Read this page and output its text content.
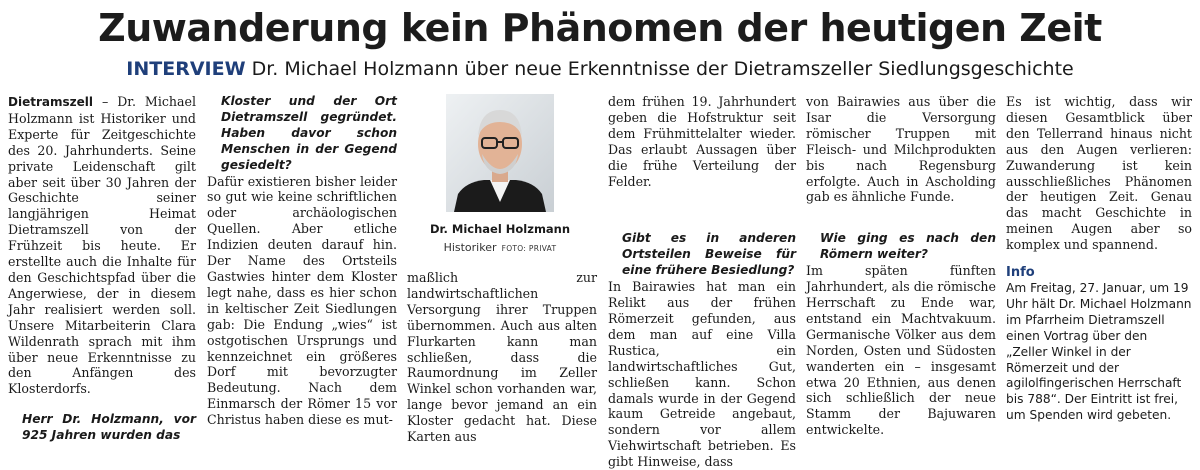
Zuwanderung kein Phänomen der heutigen Zeit
INTERVIEW Dr. Michael Holzmann über neue Erkenntnisse der Dietramszeller Siedlungsgeschichte

Dietramszell – Dr. Michael Holzmann ist Historiker und Experte für Zeitgeschichte des 20. Jahrhunderts. Seine private Leidenschaft gilt aber seit über 30 Jahren der Geschichte seiner langjährigen Heimat Dietramszell von der Frühzeit bis heute. Er erstellte auch die Inhalte für den Geschichtspfad über die Angerwiese, der in diesem Jahr realisiert werden soll. Unsere Mitarbeiterin Clara Wildenrath sprach mit ihm über neue Erkenntnisse zu den Anfängen des Klosterdorfs.

Herr Dr. Holzmann, vor 925 Jahren wurden das

Kloster und der Ort Dietramszell gegründet. Haben davor schon Menschen in der Gegend gesiedelt?

Dafür existieren bisher leider so gut wie keine schriftlichen oder archäologischen Quellen. Aber etliche Indizien deuten darauf hin. Der Name des Ortsteils Gastwies hinter dem Kloster legt nahe, dass es hier schon in keltischer Zeit Siedlungen gab: Die Endung „wies“ ist ostgotischen Ursprungs und kennzeichnet ein größeres Dorf mit bevorzugter Bedeutung. Nach dem Einmarsch der Römer 15 vor Christus haben diese es mut-

Dr. Michael Holzmann
Historiker FOTO: PRIVAT

maßlich zur landwirtschaftlichen Versorgung ihrer Truppen übernommen. Auch aus alten Flurkarten kann man schließen, dass die Raumordnung im Zeller Winkel schon vorhanden war, lange bevor jemand an ein Kloster gedacht hat. Diese Karten aus

dem frühen 19. Jahrhundert geben die Hofstruktur seit dem Frühmittelalter wieder. Das erlaubt Aussagen über die frühe Verteilung der Felder.

Gibt es in anderen Ortsteilen Beweise für eine frühere Besiedlung?

In Bairawies hat man ein Relikt aus der frühen Römerzeit gefunden, aus dem man auf eine Villa Rustica, ein landwirtschaftliches Gut, schließen kann. Schon damals wurde in der Gegend kaum Getreide angebaut, sondern vor allem Viehwirtschaft betrieben. Es gibt Hinweise, dass

von Bairawies aus über die Isar die Versorgung römischer Truppen mit Fleisch- und Milchprodukten bis nach Regensburg erfolgte. Auch in Ascholding gab es ähnliche Funde.

Wie ging es nach den Römern weiter?

Im späten fünften Jahrhundert, als die römische Herrschaft zu Ende war, entstand ein Machtvakuum. Germanische Völker aus dem Norden, Osten und Südosten wanderten ein – insgesamt etwa 20 Ethnien, aus denen sich schließlich der neue Stamm der Bajuwaren entwickelte.

Es ist wichtig, dass wir diesen Gesamtblick über den Tellerrand hinaus nicht aus den Augen verlieren: Zuwanderung ist kein ausschließliches Phänomen der heutigen Zeit. Genau das macht Geschichte in meinen Augen aber so komplex und spannend.

Info

Am Freitag, 27. Januar, um 19 Uhr hält Dr. Michael Holzmann im Pfarrheim Dietramszell einen Vortrag über den „Zeller Winkel in der Römerzeit und der agilolfingerischen Herrschaft bis 788“. Der Eintritt ist frei, um Spenden wird gebeten.
